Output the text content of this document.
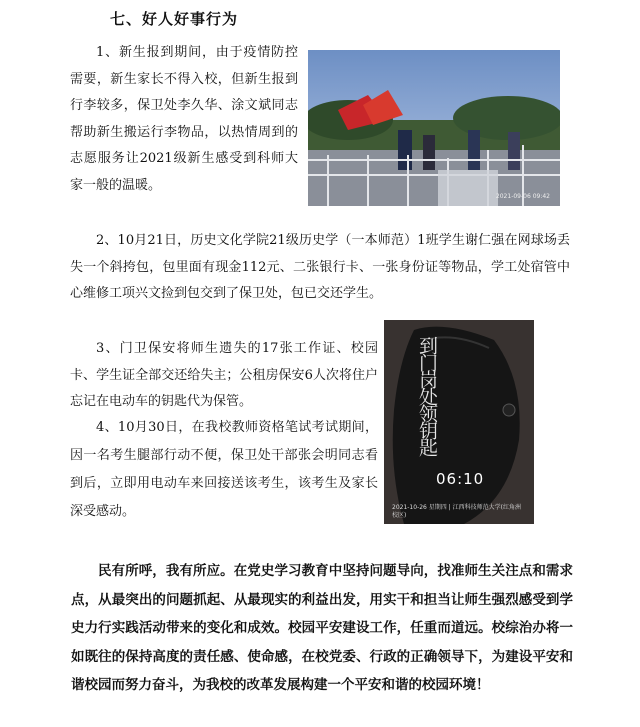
七、好人好事行为

1、新生报到期间，由于疫情防控需要，新生家长不得入校，但新生报到行李较多，保卫处李久华、涂文斌同志帮助新生搬运行李物品，以热情周到的志愿服务让2021级新生感受到科师大家一般的温暖。

2021-09-06 09:42

2、10月21日，历史文化学院21级历史学（一本师范）1班学生谢仁强在网球场丢失一个斜挎包，包里面有现金112元、二张银行卡、一张身份证等物品，学工处宿管中心维修工项兴文捡到包交到了保卫处，包已交还学生。

3、门卫保安将师生遗失的17张工作证、校园卡、学生证全部交还给失主；公租房保安6人次将住户忘记在电动车的钥匙代为保管。

4、10月30日，在我校教师资格笔试考试期间，因一名考生腿部行动不便，保卫处干部张会明同志看到后，立即用电动车来回接送该考生，该考生及家长深受感动。

到门岗处领钥匙
06:10
2021-10-26 星期四 | 江西科技师范大学(红角洲
校区)

民有所呼，我有所应。在党史学习教育中坚持问题导向，找准师生关注点和需求点，从最突出的问题抓起、从最现实的利益出发，用实干和担当让师生强烈感受到学史力行实践活动带来的变化和成效。校园平安建设工作，任重而道远。校综治办将一如既往的保持高度的责任感、使命感，在校党委、行政的正确领导下，为建设平安和谐校园而努力奋斗，为我校的改革发展构建一个平安和谐的校园环境！
